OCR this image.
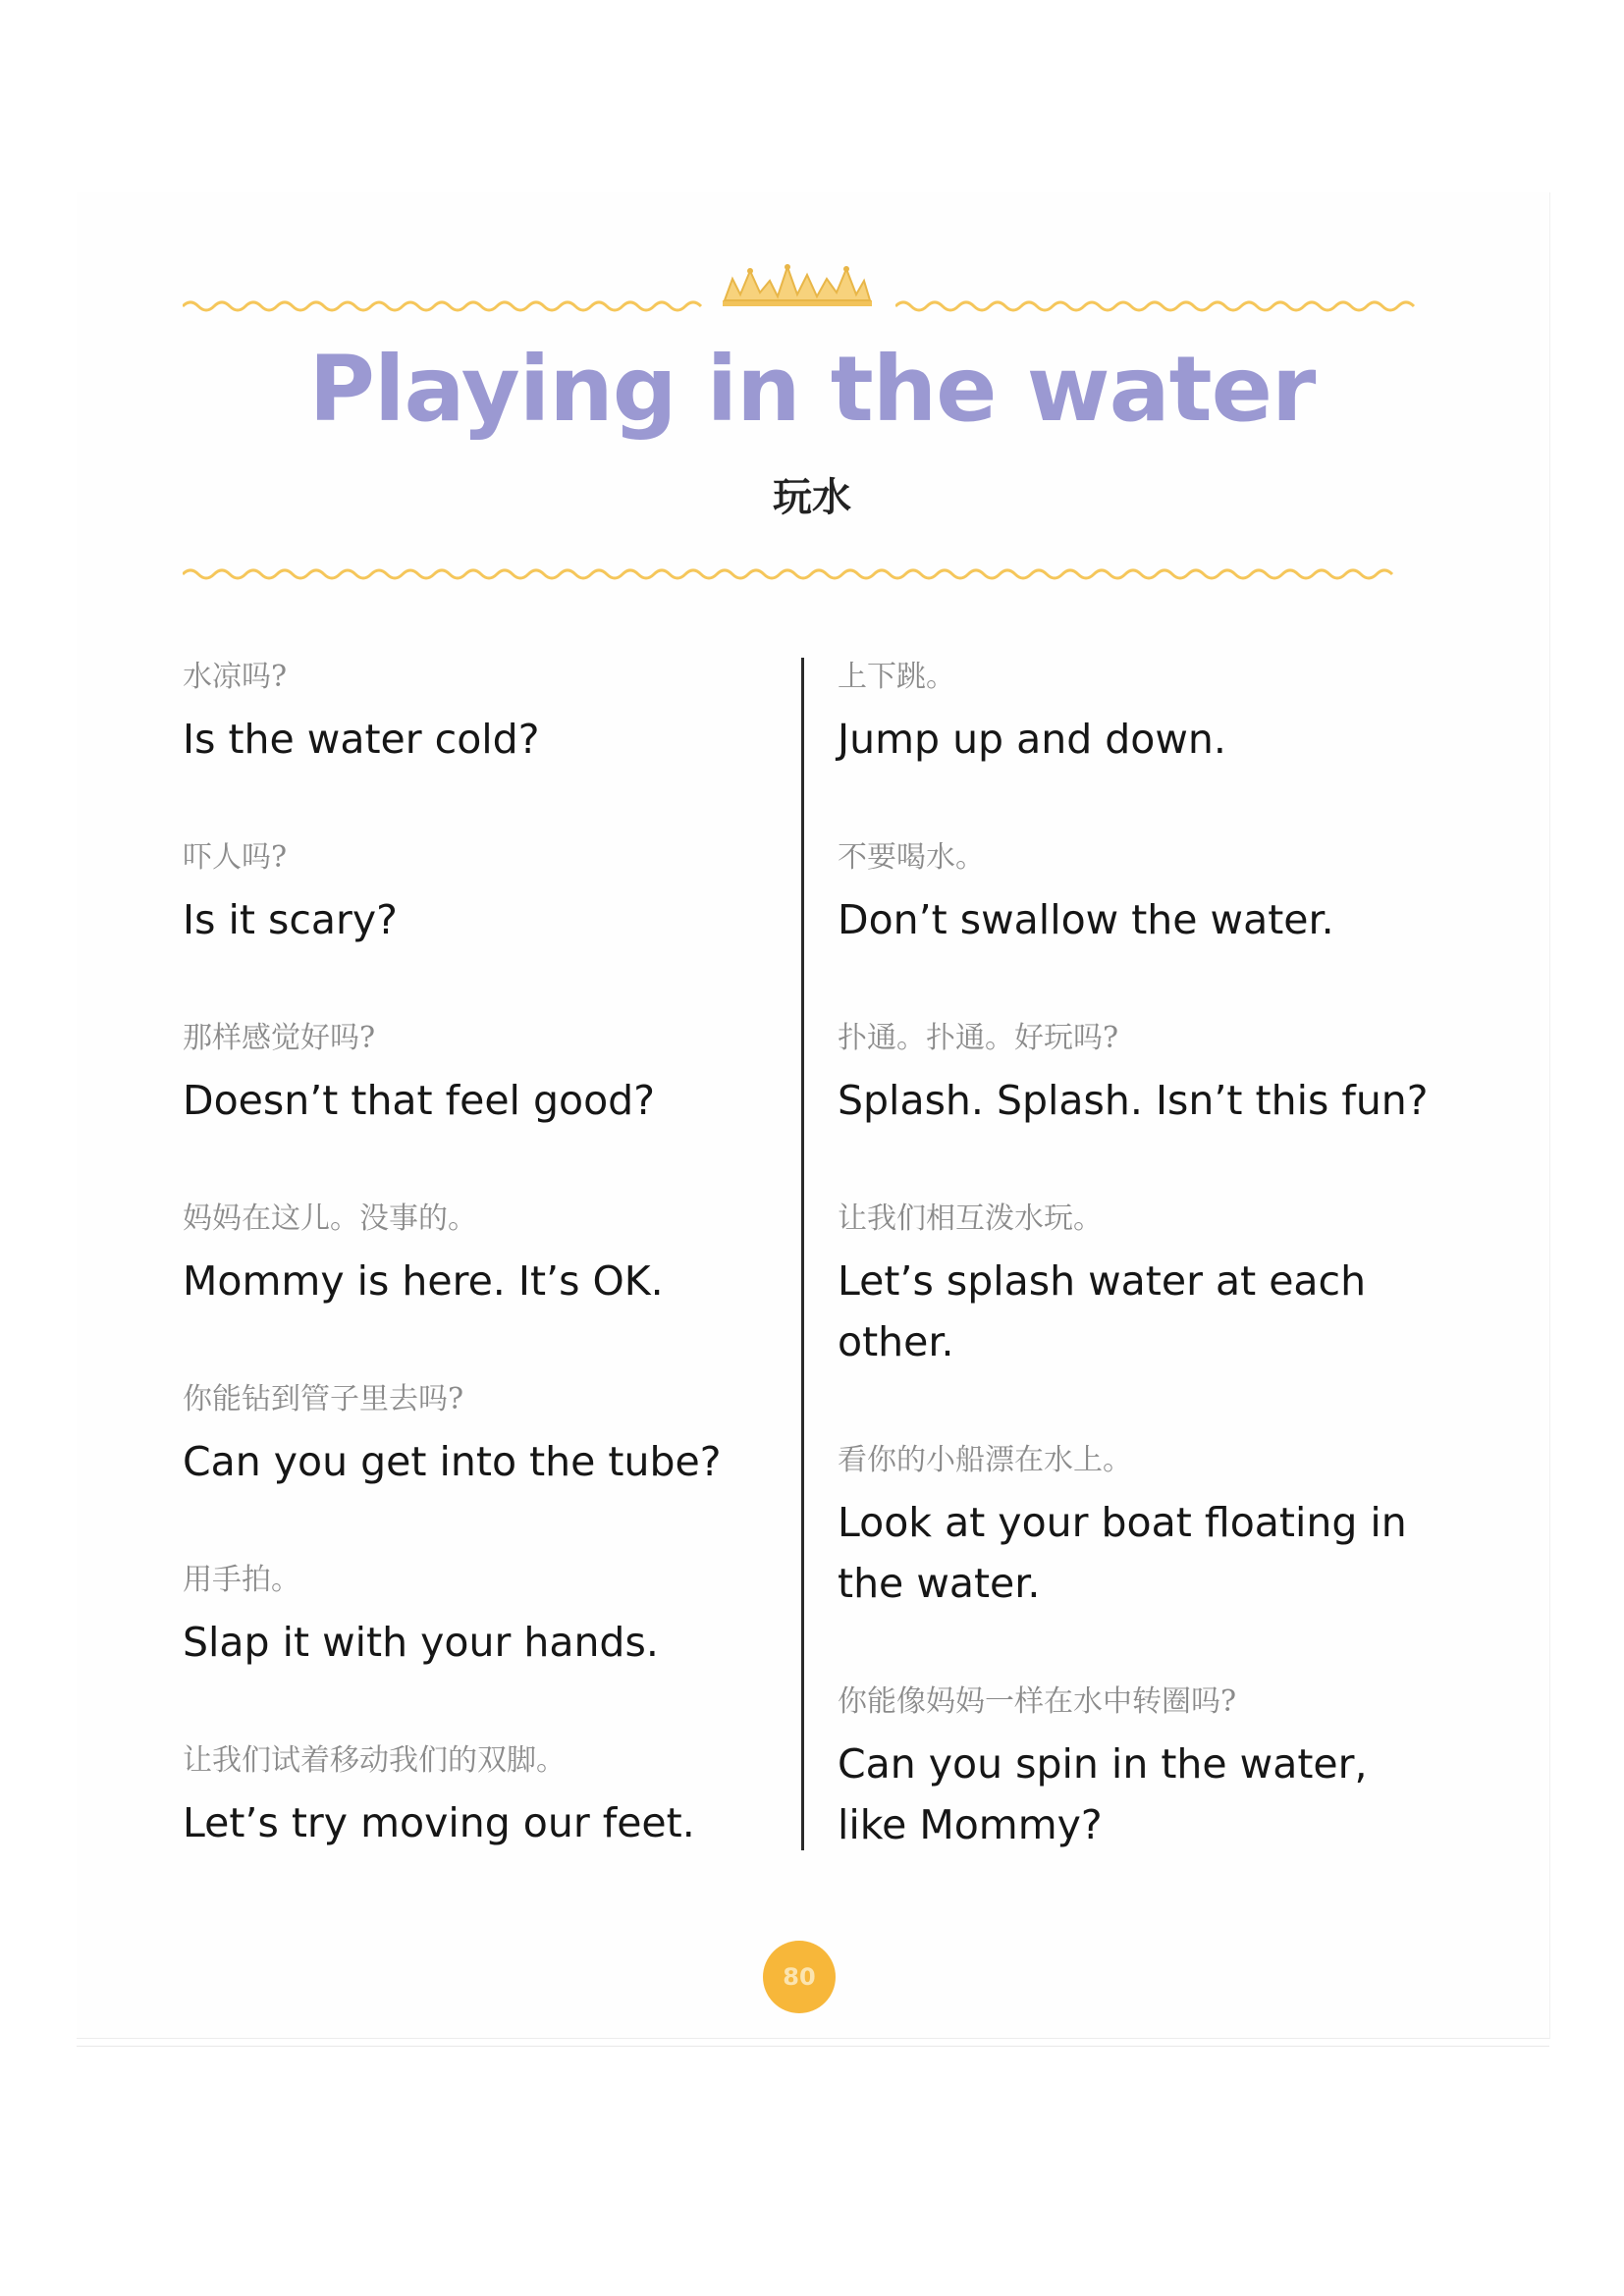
Playing in the water
玩水
水凉吗?
Is the water cold?
吓人吗?
Is it scary?
那样感觉好吗?
Doesn’t that feel good?
妈妈在这儿。没事的。
Mommy is here. It’s OK.
你能钻到管子里去吗?
Can you get into the tube?
用手拍。
Slap it with your hands.
让我们试着移动我们的双脚。
Let’s try moving our feet.
上下跳。
Jump up and down.
不要喝水。
Don’t swallow the water.
扑通。扑通。好玩吗?
Splash. Splash. Isn’t this fun?
让我们相互泼水玩。
Let’s splash water at each other.
看你的小船漂在水上。
Look at your boat floating in the water.
你能像妈妈一样在水中转圈吗?
Can you spin in the water, like Mommy?
80
